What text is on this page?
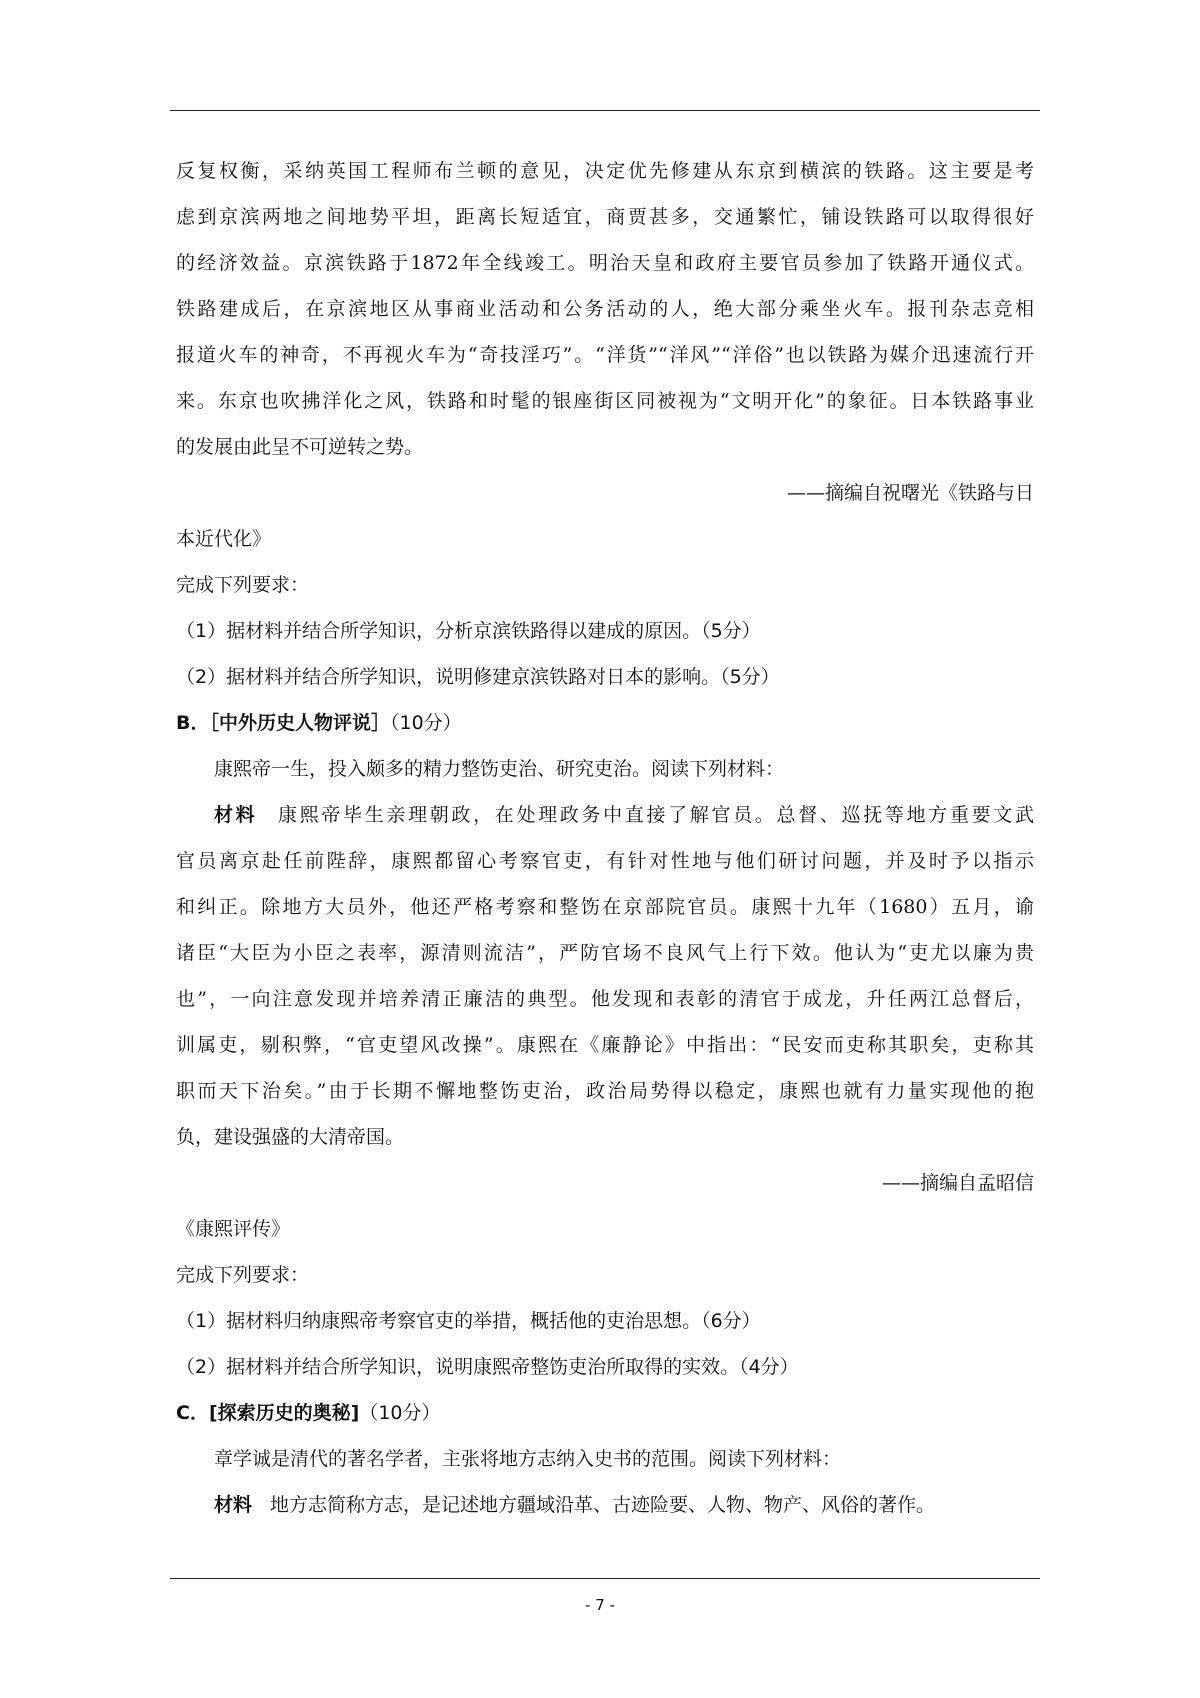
反复权衡，采纳英国工程师布兰顿的意见，决定优先修建从东京到横滨的铁路。这主要是考
虑到京滨两地之间地势平坦，距离长短适宜，商贾甚多，交通繁忙，铺设铁路可以取得很好
的经济效益。京滨铁路于1872年全线竣工。明治天皇和政府主要官员参加了铁路开通仪式。
铁路建成后，在京滨地区从事商业活动和公务活动的人，绝大部分乘坐火车。报刊杂志竞相
报道火车的神奇，不再视火车为“奇技淫巧”。“洋货”“洋风”“洋俗”也以铁路为媒介迅速流行开
来。东京也吹拂洋化之风，铁路和时髦的银座街区同被视为“文明开化”的象征。日本铁路事业
的发展由此呈不可逆转之势。
——摘编自祝曙光《铁路与日
本近代化》
完成下列要求：
（1）据材料并结合所学知识，分析京滨铁路得以建成的原因。（5分）
（2）据材料并结合所学知识，说明修建京滨铁路对日本的影响。（5分）
B．［中外历史人物评说］（10分）
康熙帝一生，投入颇多的精力整饬吏治、研究吏治。阅读下列材料：
材料 康熙帝毕生亲理朝政，在处理政务中直接了解官员。总督、巡抚等地方重要文武
官员离京赴任前陛辞，康熙都留心考察官吏，有针对性地与他们研讨问题，并及时予以指示
和纠正。除地方大员外，他还严格考察和整饬在京部院官员。康熙十九年（1680）五月，谕
诸臣“大臣为小臣之表率，源清则流洁”，严防官场不良风气上行下效。他认为“吏尤以廉为贵
也”，一向注意发现并培养清正廉洁的典型。他发现和表彰的清官于成龙，升任两江总督后，
训属吏，剔积弊，“官吏望风改操”。康熙在《廉静论》中指出：“民安而吏称其职矣，吏称其
职而天下治矣。”由于长期不懈地整饬吏治，政治局势得以稳定，康熙也就有力量实现他的抱
负，建设强盛的大清帝国。
——摘编自孟昭信
《康熙评传》
完成下列要求：
（1）据材料归纳康熙帝考察官吏的举措，概括他的吏治思想。（6分）
（2）据材料并结合所学知识，说明康熙帝整饬吏治所取得的实效。（4分）
C．[探索历史的奥秘]（10分）
章学诚是清代的著名学者，主张将地方志纳入史书的范围。阅读下列材料：
材料 地方志简称方志，是记述地方疆域沿革、古迹险要、人物、物产、风俗的著作。
- 7 -
